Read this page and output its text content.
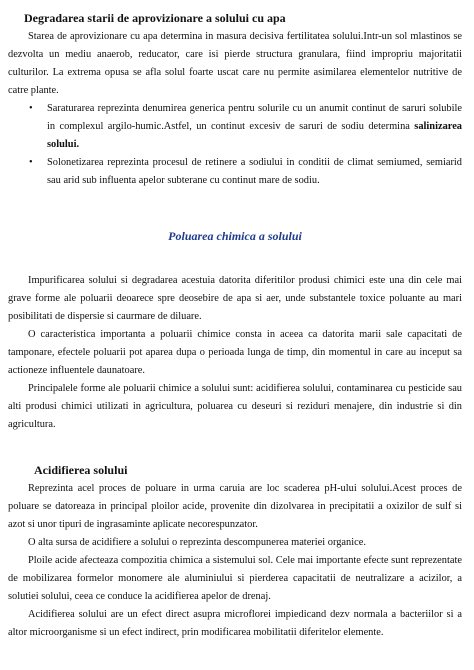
Degradarea starii de aprovizionare a solului cu apa

Starea de aprovizionare cu apa determina in masura decisiva fertilitatea solului.Intr-un sol mlastinos se dezvolta un mediu anaerob, reducator, care isi pierde structura granulara, fiind impropriu majoritatii culturilor. La extrema opusa se afla solul foarte uscat care nu permite asimilarea elementelor nutritive de catre plante.

• Saraturarea reprezinta denumirea generica pentru solurile cu un anumit continut de saruri solubile in complexul argilo-humic.Astfel, un continut excesiv de saruri de sodiu determina salinizarea solului.
• Solonetizarea reprezinta procesul de retinere a sodiului in conditii de climat semiumed, semiarid sau arid sub influenta apelor subterane cu continut mare de sodiu.
Poluarea chimica a solului

Impurificarea solului si degradarea acestuia datorita diferitilor produsi chimici este una din cele mai grave forme ale poluarii deoarece spre deosebire de apa si aer, unde substantele toxice poluante au mari posibilitati de dispersie si caurmare de diluare.

O caracteristica importanta a poluarii chimice consta in aceea ca datorita marii sale capacitati de tamponare, efectele poluarii pot aparea dupa o perioada lunga de timp, din momentul in care au inceput sa actioneze influentele daunatoare.

Principalele forme ale poluarii chimice a solului sunt: acidifierea solului, contaminarea cu pesticide sau alti produsi chimici utilizati in agricultura, poluarea cu deseuri si reziduri menajere, din industrie si din agricultura.

Acidifierea solului

Reprezinta acel proces de poluare in urma caruia are loc scaderea pH-ului solului.Acest proces de poluare se datoreaza in principal ploilor acide, provenite din dizolvarea in precipitatii a oxizilor de sulf si azot si unor tipuri de ingrasaminte aplicate necorespunzator.

O alta sursa de acidifiere a solului o reprezinta descompunerea materiei organice.

Ploile acide afecteaza compozitia chimica a sistemului sol. Cele mai importante efecte sunt reprezentate de mobilizarea formelor monomere ale aluminiului si pierderea capacitatii de neutralizare a acizilor, a solutiei solului, ceea ce conduce la acidifierea apelor de drenaj.

Acidifierea solului are un efect direct asupra microflorei impiedicand dezv normala a bacteriilor si a altor microorganisme si un efect indirect, prin modificarea mobilitatii diferitelor elemente.
